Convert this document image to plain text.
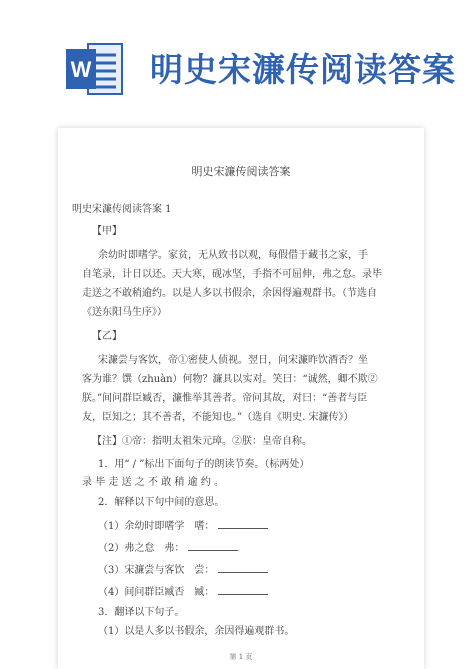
W 明史宋濂传阅读答案
明史宋濂传阅读答案
明史宋濂传阅读答案 1
【甲】
余幼时即嗜学。家贫，无从致书以观，每假借于藏书之家，手
自笔录，计日以还。天大寒，砚冰坚，手指不可屈伸，弗之怠。录毕
走送之不敢稍逾约。以是人多以书假余，余因得遍观群书。（节选自
《送东阳马生序》）
【乙】
宋濂尝与客饮，帝①密使人侦视。翌日，问宋濂昨饮酒否？坐
客为谁？馔（zhuàn）何物？濂具以实对。笑曰：“诚然，卿不欺②
朕。”间问群臣臧否，濂惟举其善者。帝问其故，对曰：“善者与臣
友，臣知之；其不善者，不能知也。”（选自《明史. 宋濂传》）
【注】①帝：指明太祖朱元璋。②朕：皇帝自称。
1．用“ / ”标出下面句子的朗读节奏。（标两处）
录毕走送之不敢稍逾约。
2．解释以下句中间的意思。
（1）余幼时即嗜学　嗜：
（2）弗之怠　弗：
（3）宋濂尝与客饮　尝：
（4）间问群臣臧否　臧：
3．翻译以下句子。
（1）以是人多以书假余，余因得遍观群书。
第 1 页
